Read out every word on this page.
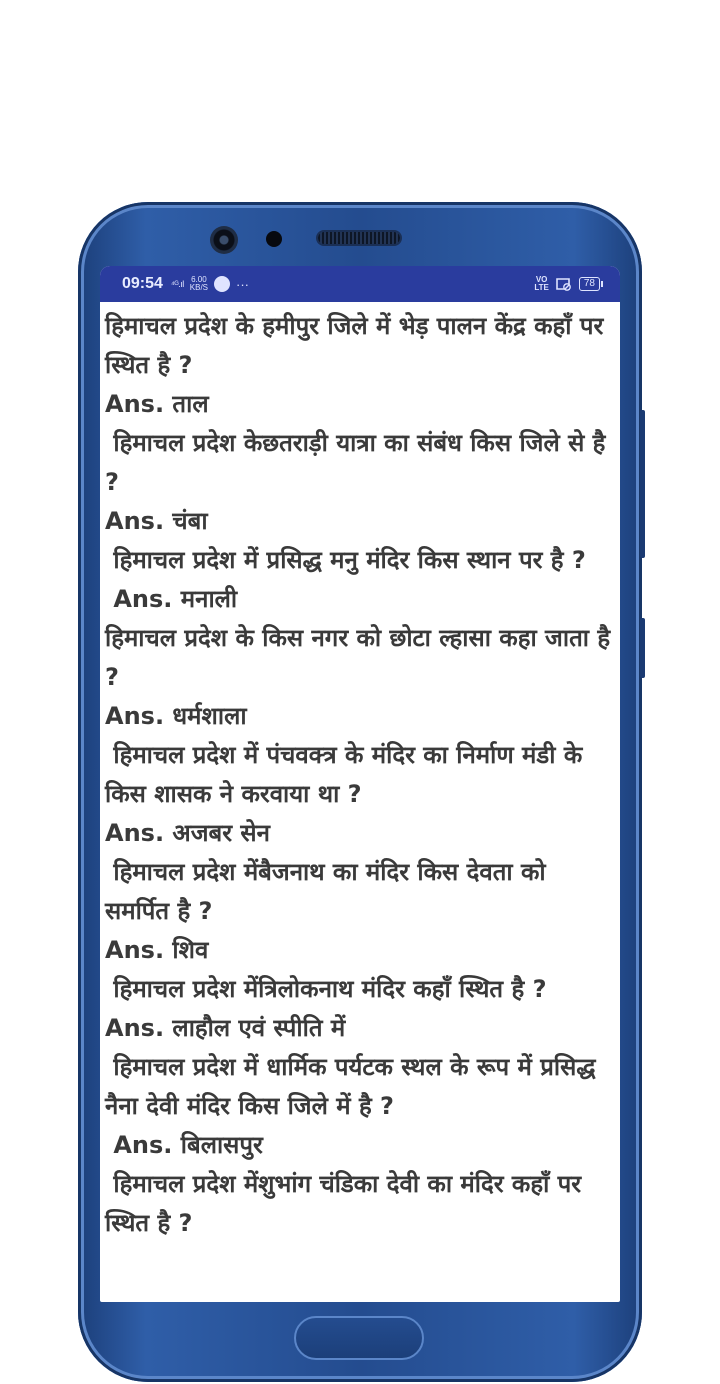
09:54 ⁴ᴳ.ıl 6.00
KB/S ···	VO
LTE	78

हिमाचल प्रदेश के हमीपुर जिले में भेड़ पालन केंद्र कहाँ पर स्थित है ?

Ans. ताल

हिमाचल प्रदेश केछतराड़ी यात्रा का संबंध किस जिले से है ?

Ans. चंबा

हिमाचल प्रदेश में प्रसिद्ध मनु मंदिर किस स्थान पर है ?

Ans. मनाली

हिमाचल प्रदेश के किस नगर को छोटा ल्हासा कहा जाता है ?

Ans. धर्मशाला

हिमाचल प्रदेश में पंचवक्त्र के मंदिर का निर्माण मंडी के किस शासक ने करवाया था ?

Ans. अजबर सेन

हिमाचल प्रदेश मेंबैजनाथ का मंदिर किस देवता को समर्पित है ?

Ans. शिव

हिमाचल प्रदेश मेंत्रिलोकनाथ मंदिर कहाँ स्थित है ?

Ans. लाहौल एवं स्पीति में

हिमाचल प्रदेश में धार्मिक पर्यटक स्थल के रूप में प्रसिद्ध नैना देवी मंदिर किस जिले में है ?

Ans. बिलासपुर

हिमाचल प्रदेश मेंशुभांग चंडिका देवी का मंदिर कहाँ पर स्थित है ?
